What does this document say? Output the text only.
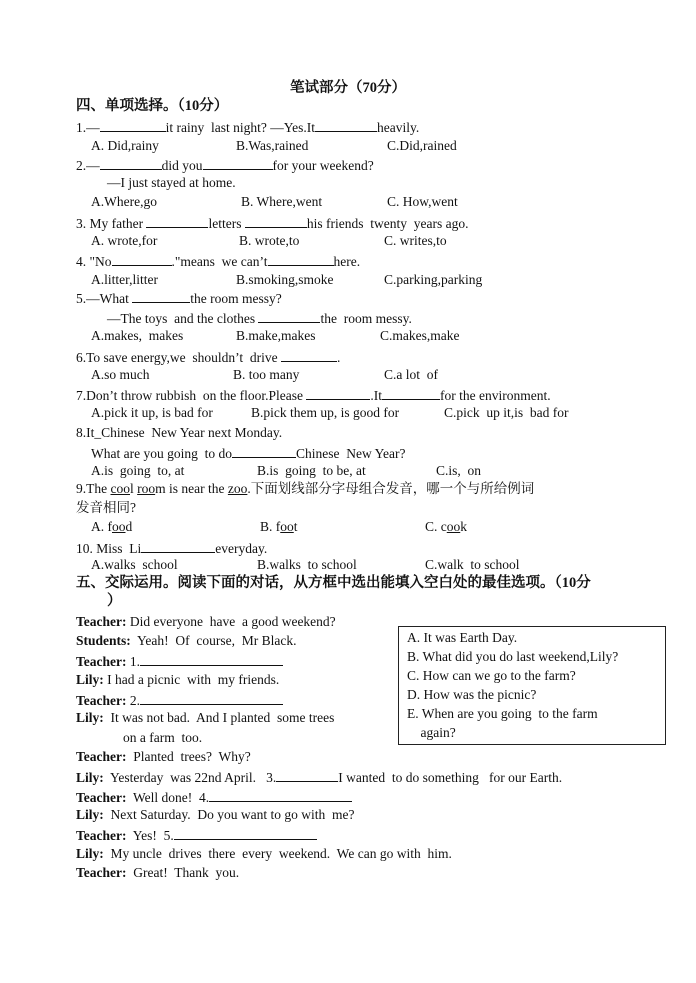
笔试部分（70分）
四、单项选择。（10分）
1.—	it rainy  last night? —Yes.It	heavily.
A. Did,rainy	B.Was,rained	C.Did,rained
2.—	did you	for your weekend?
—I just stayed at home.
A.Where,go	B. Where,went	C. How,went
3. My father	letters	his friends  twenty  years ago.
A. wrote,for	B. wrote,to	C. writes,to
4. "No	."means  we can’t	here.
A.litter,litter	B.smoking,smoke	C.parking,parking
5.—What	the room messy?
—The toys  and the clothes	the  room messy.
A.makes,  makes	B.make,makes	C.makes,make
6.To save energy,we  shouldn’t  drive	.
A.so much	B. too many	C.a lot  of
7.Don’t throw rubbish  on the floor.Please	.It	for the environment.
A.pick it up, is bad for	B.pick them up, is good for	C.pick  up it,is  bad for
8.It_Chinese  New Year next Monday.
What are you going  to do	Chinese  New Year?
A.is  going  to, at	B.is  going  to be, at	C.is,  on
9.The cool room is near the zoo.下面划线部分字母组合发音，哪一个与所给例词
发音相同?
A. food	B. foot	C. cook
10. Miss  Li	everyday.
A.walks  school	B.walks  to school	C.walk  to school
五、交际运用。阅读下面的对话，从方框中选出能填入空白处的最佳选项。（10分
）
Teacher: Did everyone  have  a good weekend?
Students:  Yeah!  Of  course,  Mr Black.
Teacher: 1.
Lily: I had a picnic  with  my friends.
Teacher: 2.
Lily:  It was not bad.  And I planted  some trees
on a farm  too.
Teacher:  Planted  trees?  Why?
Lily:  Yesterday  was 22nd April.   3.	I wanted  to do something   for our Earth.
Teacher:  Well done!  4.
Lily:  Next Saturday.  Do you want to go with  me?
Teacher:  Yes!  5.
Lily:  My uncle  drives  there  every  weekend.  We can go with  him.
Teacher:  Great!  Thank  you.
A. It was Earth Day.
B. What did you do last weekend,Lily?
C. How can we go to the farm?
D. How was the picnic?
E. When are you going  to the farm
again?
